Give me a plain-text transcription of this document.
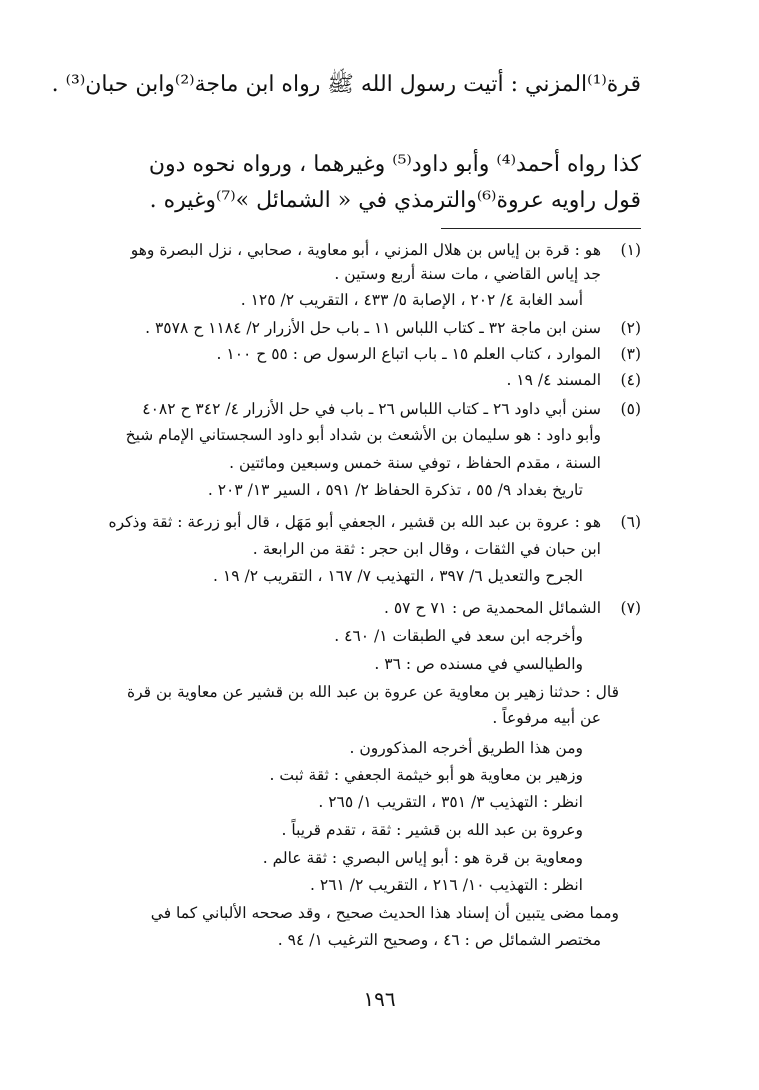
قرة⁽¹⁾المزني : أتيت رسول الله ﷺ رواه ابن ماجة⁽²⁾وابن حبان⁽³⁾ .
كذا رواه أحمد⁽⁴⁾ وأبو داود⁽⁵⁾ وغيرهما ، ورواه نحوه دون
قول راويه عروة⁽⁶⁾والترمذي في « الشمائل »⁽⁷⁾وغيره .
(١)
هو : قرة بن إياس بن هلال المزني ، أبو معاوية ، صحابي ، نزل البصرة وهو
جد إياس القاضي ، مات سنة أربع وستين .
أسد الغابة ٤/ ٢٠٢ ، الإصابة ٥/ ٤٣٣ ، التقريب ٢/ ١٢٥ .
(٢)
سنن ابن ماجة ٣٢ ـ كتاب اللباس ١١ ـ باب حل الأزرار ٢/ ١١٨٤ ح ٣٥٧٨ .
(٣)
الموارد ، كتاب العلم ١٥ ـ باب اتباع الرسول ص : ٥٥ ح ١٠٠ .
(٤)
المسند ٤/ ١٩ .
(٥)
سنن أبي داود ٢٦ ـ كتاب اللباس ٢٦ ـ باب في حل الأزرار ٤/ ٣٤٢ ح ٤٠٨٢
وأبو داود : هو سليمان بن الأشعث بن شداد أبو داود السجستاني الإمام شيخ
السنة ، مقدم الحفاظ ، توفي سنة خمس وسبعين ومائتين .
تاريخ بغداد ٩/ ٥٥ ، تذكرة الحفاظ ٢/ ٥٩١ ، السير ١٣/ ٢٠٣ .
(٦)
هو : عروة بن عبد الله بن قشير ، الجعفي أبو مَهَل ، قال أبو زرعة : ثقة وذكره
ابن حبان في الثقات ، وقال ابن حجر : ثقة من الرابعة .
الجرح والتعديل ٦/ ٣٩٧ ، التهذيب ٧/ ١٦٧ ، التقريب ٢/ ١٩ .
(٧)
الشمائل المحمدية ص : ٧١ ح ٥٧ .
وأخرجه ابن سعد في الطبقات ١/ ٤٦٠ .
والطيالسي في مسنده ص : ٣٦ .
قال : حدثنا زهير بن معاوية عن عروة بن عبد الله بن قشير عن معاوية بن قرة
عن أبيه مرفوعاً .
ومن هذا الطريق أخرجه المذكورون .
وزهير بن معاوية هو أبو خيثمة الجعفي : ثقة ثبت .
انظر : التهذيب ٣/ ٣٥١ ، التقريب ١/ ٢٦٥ .
وعروة بن عبد الله بن قشير : ثقة ، تقدم قريباً .
ومعاوية بن قرة هو : أبو إياس البصري : ثقة عالم .
انظر : التهذيب ١٠/ ٢١٦ ، التقريب ٢/ ٢٦١ .
ومما مضى يتبين أن إسناد هذا الحديث صحيح ، وقد صححه الألباني كما في
مختصر الشمائل ص : ٤٦ ، وصحيح الترغيب ١/ ٩٤ .
١٩٦
